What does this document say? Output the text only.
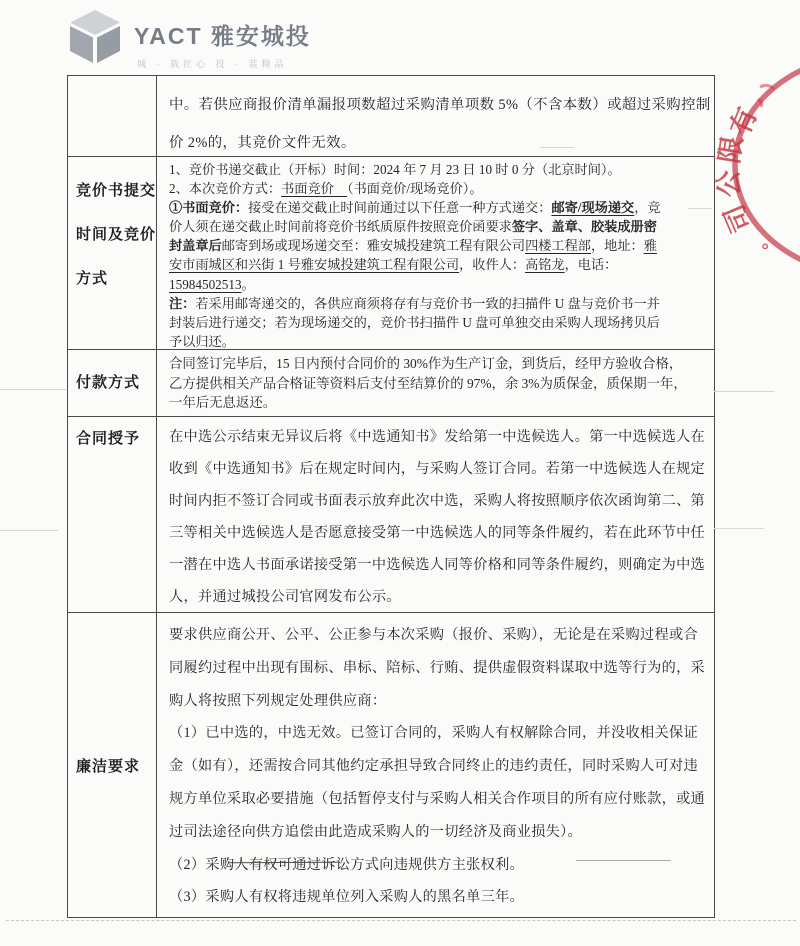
YACT 雅安城投
城 · 载匠心 投 · 装精品
中。若供应商报价清单漏报项数超过采购清单项数 5%（不含本数）或超过采购控制
价 2%的，其竞价文件无效。
竞价书提交
时间及竞价
方式
1、竞价书递交截止（开标）时间：2024 年 7 月 23 日 10 时 0 分（北京时间）。
2、本次竞价方式：书面竞价　（书面竞价/现场竞价）。
①书面竞价：接受在递交截止时间前通过以下任意一种方式递交：邮寄/现场递交，竞
价人须在递交截止时间前将竞价书纸质原件按照竞价函要求签字、盖章、胶装成册密
封盖章后邮寄到场或现场递交至：雅安城投建筑工程有限公司四楼工程部，地址：雅
安市雨城区和兴街 1 号雅安城投建筑工程有限公司，收件人：高铭龙，电话：
15984502513。
注：若采用邮寄递交的，各供应商须将存有与竞价书一致的扫描件 U 盘与竞价书一并
封装后进行递交；若为现场递交的，竞价书扫描件 U 盘可单独交由采购人现场拷贝后
予以归还。
付款方式
合同签订完毕后，15 日内预付合同价的 30%作为生产订金，到货后，经甲方验收合格，
乙方提供相关产品合格证等资料后支付至结算价的 97%，余 3%为质保金，质保期一年，
一年后无息返还。
合同授予	在中选公示结束无异议后将《中选通知书》发给第一中选候选人。第一中选候选人在
收到《中选通知书》后在规定时间内，与采购人签订合同。若第一中选候选人在规定
时间内拒不签订合同或书面表示放弃此次中选，采购人将按照顺序依次函询第二、第
三等相关中选候选人是否愿意接受第一中选候选人的同等条件履约，若在此环节中任
一潜在中选人书面承诺接受第一中选候选人同等价格和同等条件履约，则确定为中选
人，并通过城投公司官网发布公示。
廉洁要求
要求供应商公开、公平、公正参与本次采购（报价、采购），无论是在采购过程或合
同履约过程中出现有围标、串标、陪标、行贿、提供虚假资料谋取中选等行为的，采
购人将按照下列规定处理供应商：
（1）已中选的，中选无效。已签订合同的，采购人有权解除合同，并没收相关保证
金（如有），还需按合同其他约定承担导致合同终止的违约责任，同时采购人可对违
规方单位采取必要措施（包括暂停支付与采购人相关合作项目的所有应付账款，或通
过司法途径向供方追偿由此造成采购人的一切经济及商业损失）。
（2）采购人有权可通过诉讼方式向违规供方主张权利。
（3）采购人有权将违规单位列入采购人的黑名单三年。
有
限
公
司
。
